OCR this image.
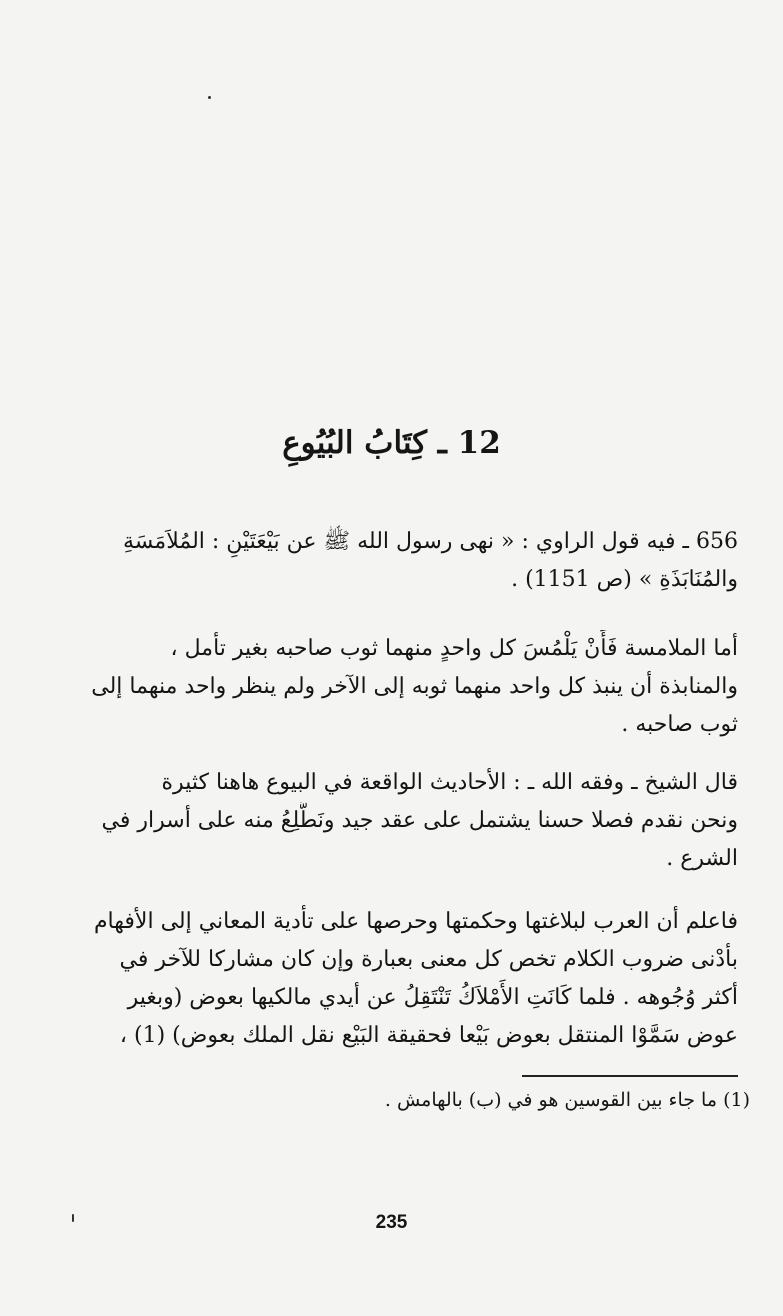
12 ـ كِتَابُ البُيُوعِ
656 ـ فيه قول الراوي : « نهى رسول الله ﷺ عن بَيْعَتَيْنِ : المُلاَمَسَةِ
والمُنَابَذَةِ » (ص 1151) .
أما الملامسة فَأَنْ يَلْمُسَ كل واحدٍ منهما ثوب صاحبه بغير تأمل ،
والمنابذة أن ينبذ كل واحد منهما ثوبه إلى الآخر ولم ينظر واحد منهما إلى
ثوب صاحبه .
قال الشيخ ـ وفقه الله ـ : الأحاديث الواقعة في البيوع هاهنا كثيرة
ونحن نقدم فصلا حسنا يشتمل على عقد جيد ونَطَّلِعُ منه على أسرار في
الشرع .
فاعلم أن العرب لبلاغتها وحكمتها وحرصها على تأدية المعاني إلى الأفهام
بأدْنى ضروب الكلام تخص كل معنى بعبارة وإن كان مشاركا للآخر في
أكثر وُجُوهه . فلما كَانَتِ الأَمْلاَكُ تَنْتَقِلُ عن أيدي مالكيها بعوض (وبغير
عوض سَمَّوْا المنتقل بعوض بَيْعا فحقيقة البَيْع نقل الملك بعوض) (1) ،
(1) ما جاء بين القوسين هو في (ب) بالهامش .
235
